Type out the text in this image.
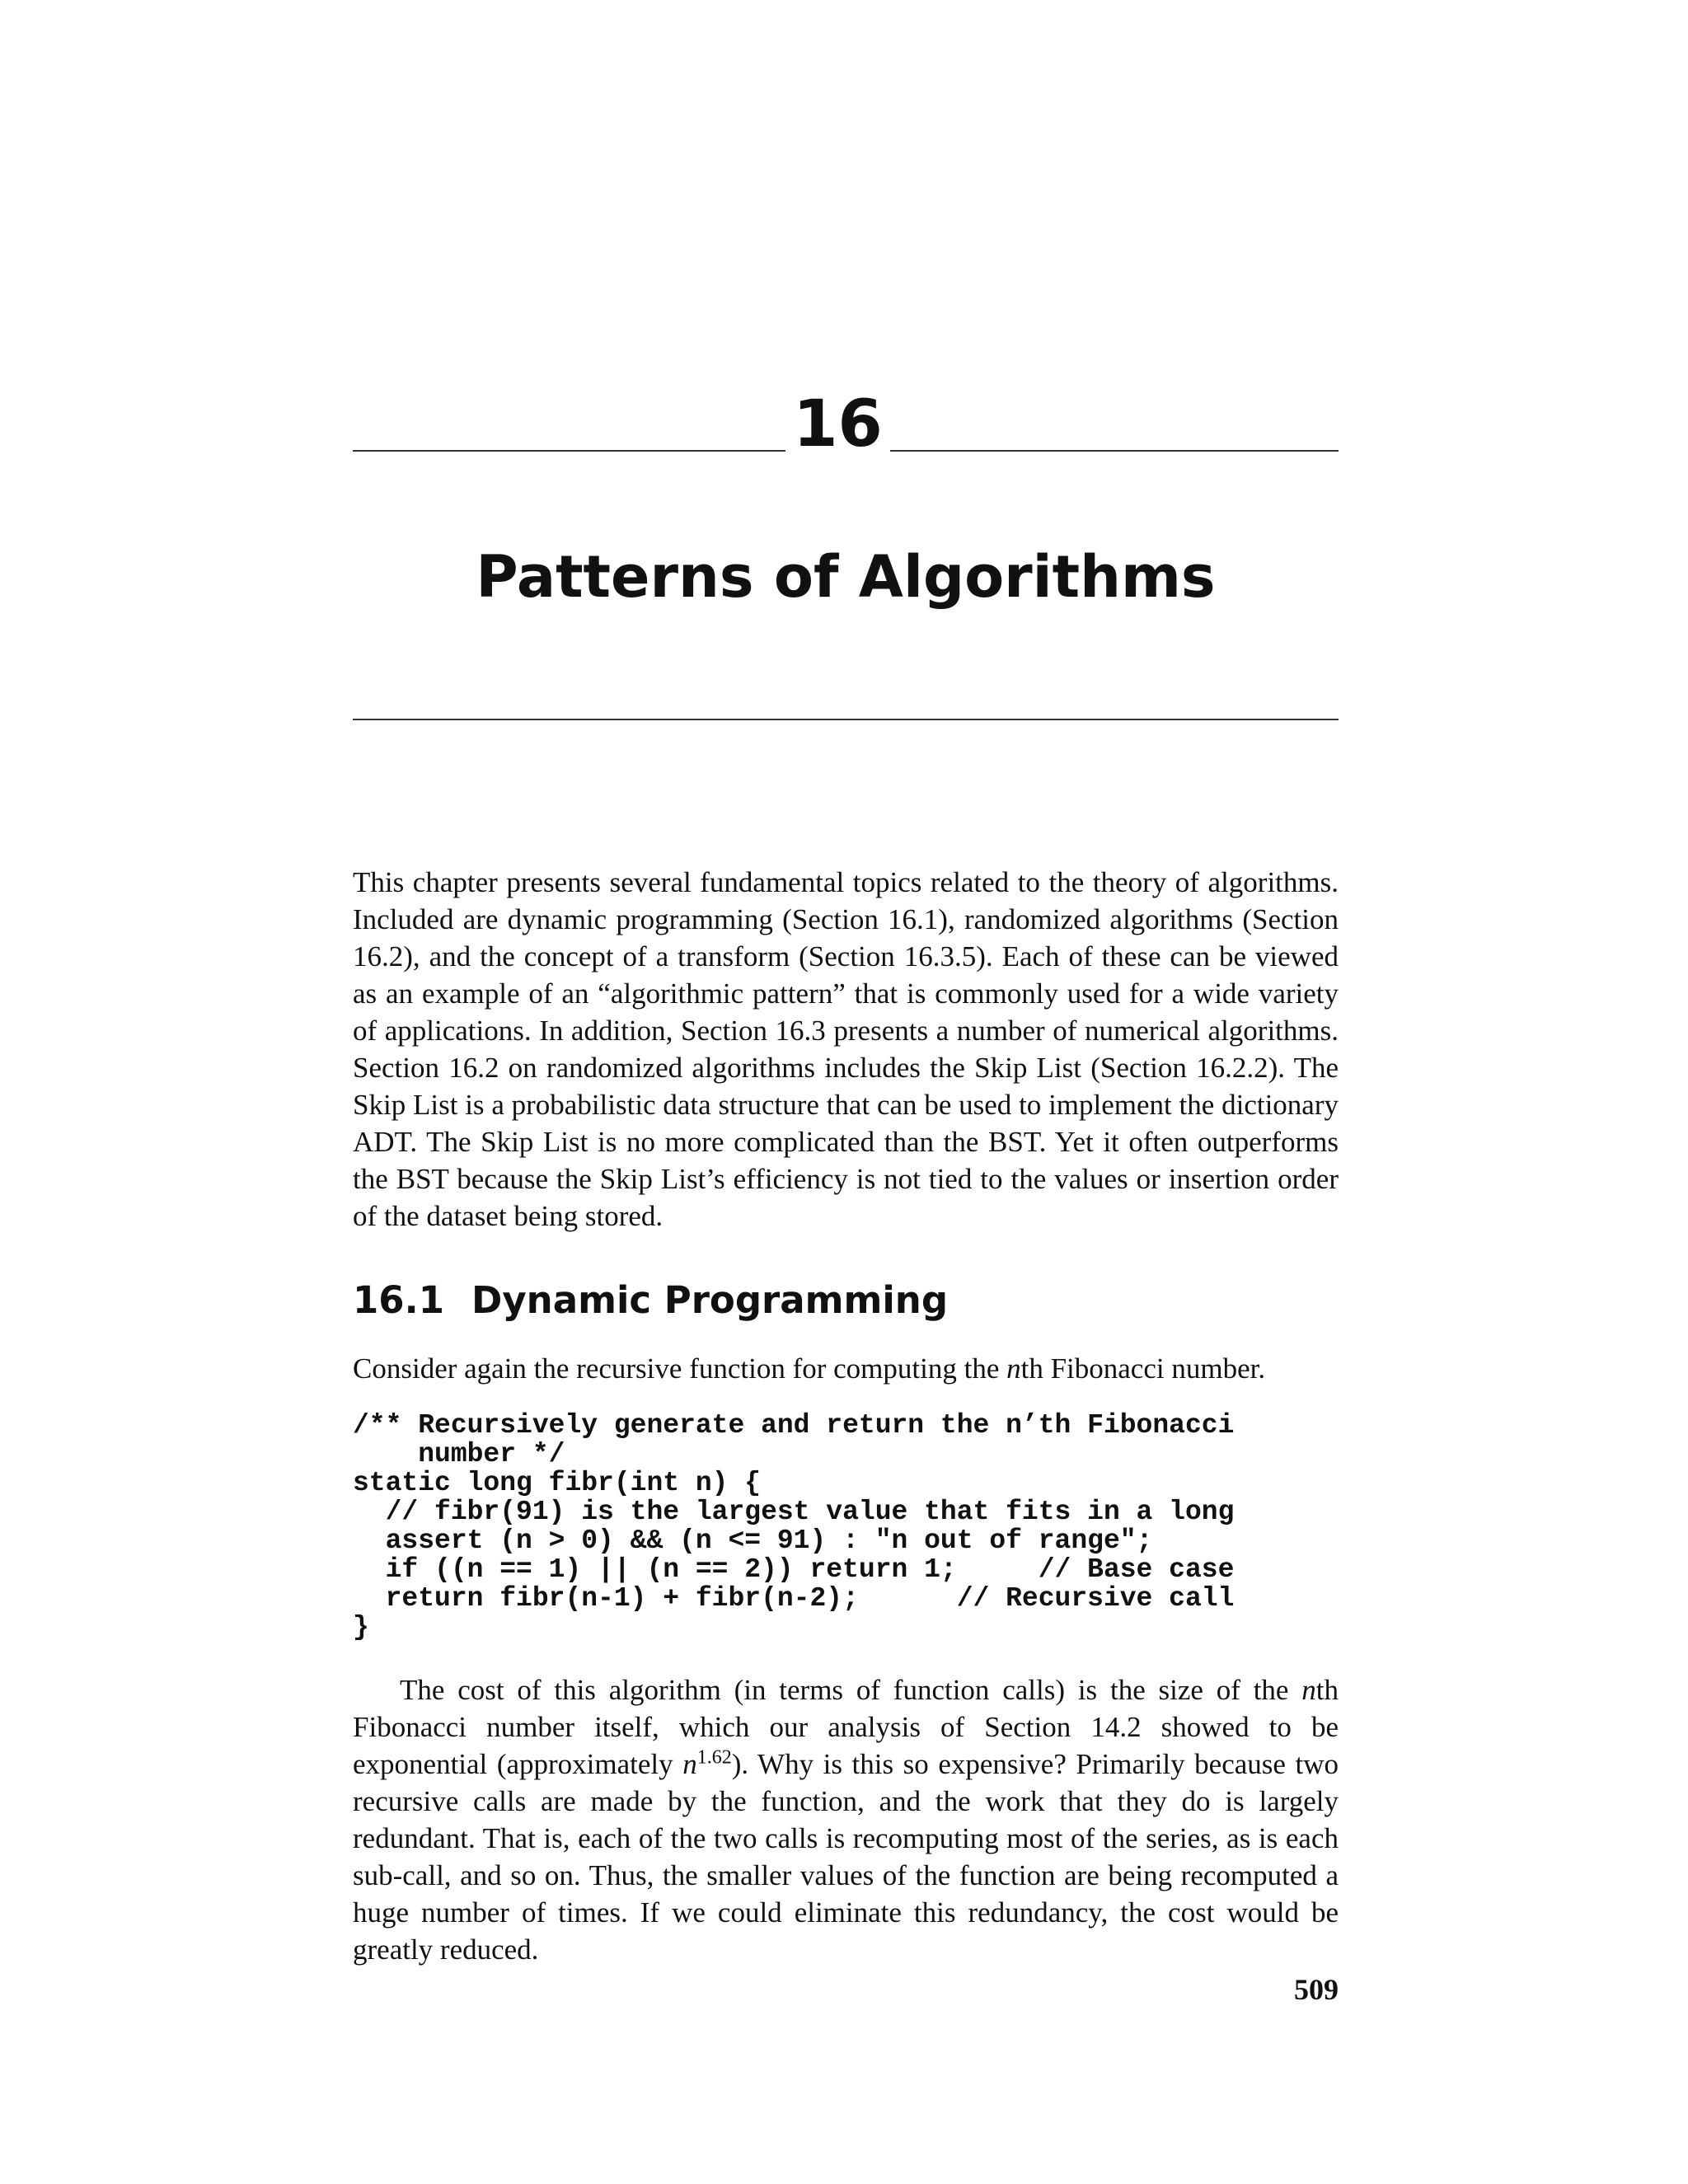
16
Patterns of Algorithms

This chapter presents several fundamental topics related to the theory of algorithms. Included are dynamic programming (Section 16.1), randomized algorithms (Section 16.2), and the concept of a transform (Section 16.3.5). Each of these can be viewed as an example of an “algorithmic pattern” that is commonly used for a wide variety of applications. In addition, Section 16.3 presents a number of numerical algorithms. Section 16.2 on randomized algorithms includes the Skip List (Section 16.2.2). The Skip List is a probabilistic data structure that can be used to implement the dictionary ADT. The Skip List is no more complicated than the BST. Yet it often outperforms the BST because the Skip List’s efficiency is not tied to the values or insertion order of the dataset being stored.

16.1 Dynamic Programming

Consider again the recursive function for computing the nth Fibonacci number.

/** Recursively generate and return the n’th Fibonacci
number */
static long fibr(int n) {
// fibr(91) is the largest value that fits in a long
assert (n > 0) && (n <= 91) : "n out of range";
if ((n == 1) || (n == 2)) return 1;     // Base case
return fibr(n-1) + fibr(n-2);      // Recursive call
}

The cost of this algorithm (in terms of function calls) is the size of the nth Fibonacci number itself, which our analysis of Section 14.2 showed to be exponential (approximately $n^{1.62}$). Why is this so expensive? Primarily because two recursive calls are made by the function, and the work that they do is largely redundant. That is, each of the two calls is recomputing most of the series, as is each sub-call, and so on. Thus, the smaller values of the function are being recomputed a huge number of times. If we could eliminate this redundancy, the cost would be greatly reduced.

509
